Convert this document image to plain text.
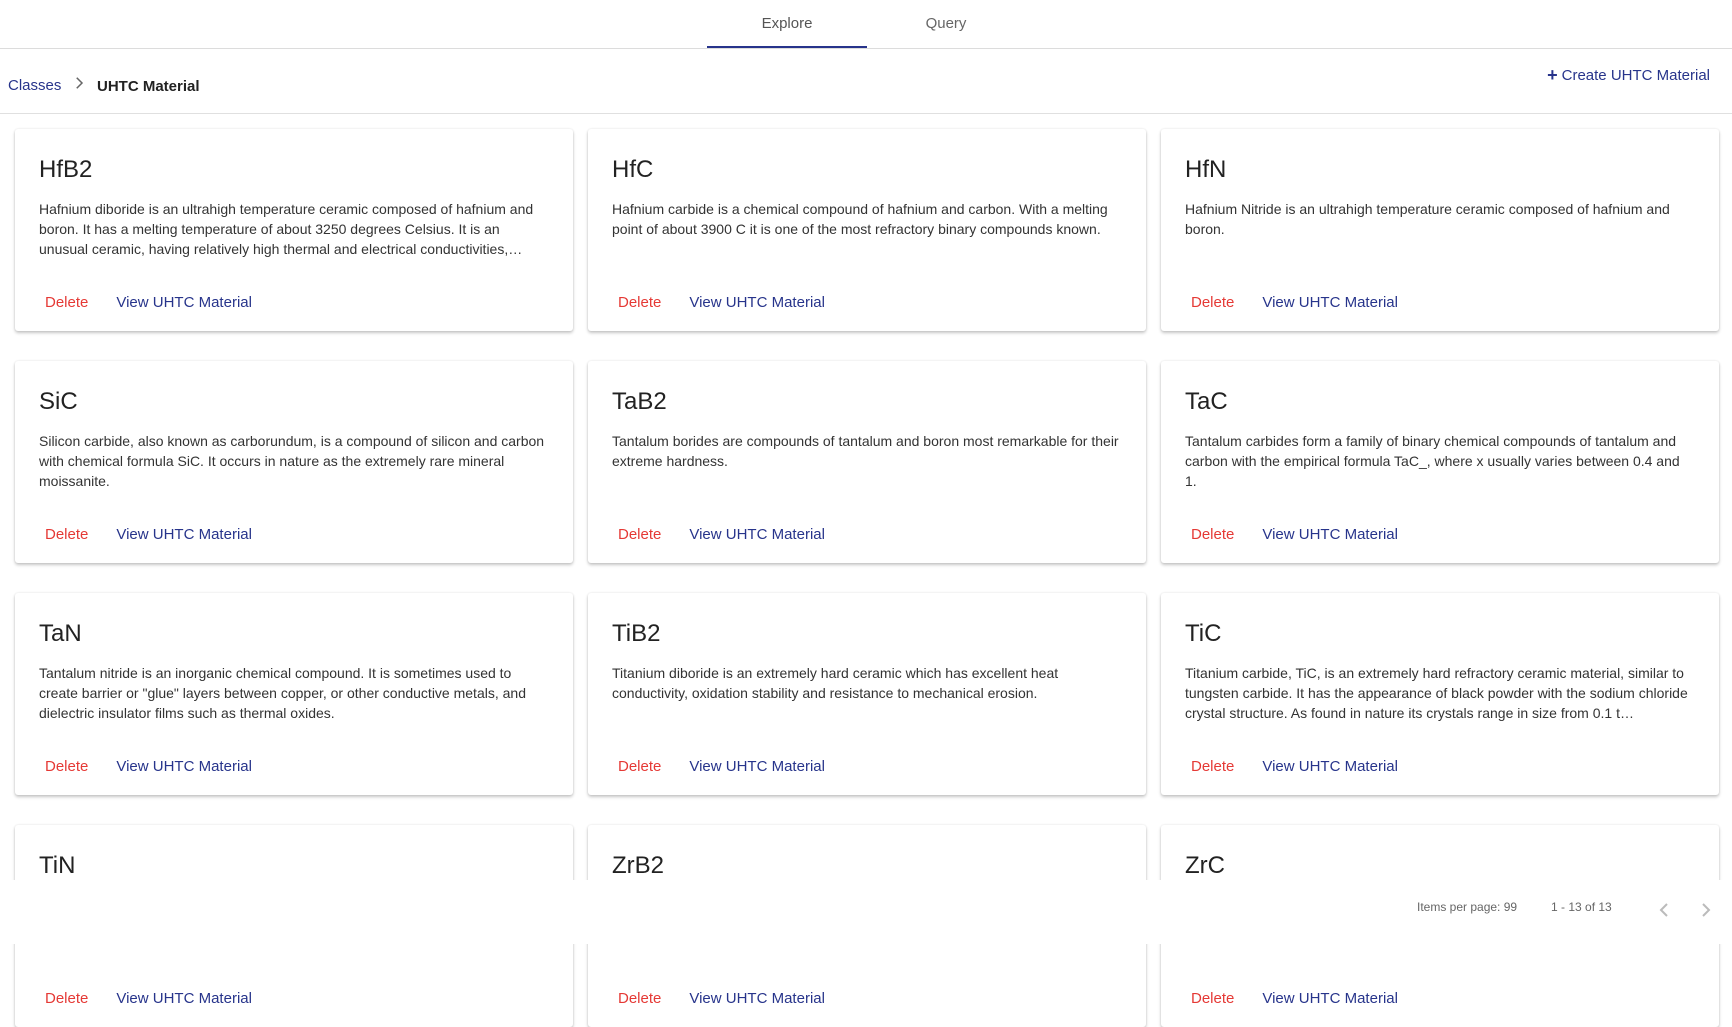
Explore	Query
Classes UHTC Material
+ Create UHTC Material
HfB2
Hafnium diboride is an ultrahigh temperature ceramic composed of hafnium and boron. It has a melting temperature of about 3250 degrees Celsius. It is an unusual ceramic, having relatively high thermal and electrical conductivities,…
Delete	View UHTC Material
HfC
Hafnium carbide is a chemical compound of hafnium and carbon. With a melting point of about 3900 C it is one of the most refractory binary compounds known.
Delete	View UHTC Material
HfN
Hafnium Nitride is an ultrahigh temperature ceramic composed of hafnium and boron.
Delete	View UHTC Material
SiC
Silicon carbide, also known as carborundum, is a compound of silicon and carbon with chemical formula SiC. It occurs in nature as the extremely rare mineral moissanite.
Delete	View UHTC Material
TaB2
Tantalum borides are compounds of tantalum and boron most remarkable for their extreme hardness.
Delete	View UHTC Material
TaC
Tantalum carbides form a family of binary chemical compounds of tantalum and carbon with the empirical formula TaC_, where x usually varies between 0.4 and 1.
Delete	View UHTC Material
TaN
Tantalum nitride is an inorganic chemical compound. It is sometimes used to create barrier or "glue" layers between copper, or other conductive metals, and dielectric insulator films such as thermal oxides.
Delete	View UHTC Material
TiB2
Titanium diboride is an extremely hard ceramic which has excellent heat conductivity, oxidation stability and resistance to mechanical erosion.
Delete	View UHTC Material
TiC
Titanium carbide, TiC, is an extremely hard refractory ceramic material, similar to tungsten carbide. It has the appearance of black powder with the sodium chloride crystal structure. As found in nature its crystals range in size from 0.1 t…
Delete	View UHTC Material
TiN
Delete	View UHTC Material
ZrB2
Delete	View UHTC Material
ZrC
Delete	View UHTC Material
Items per page: 99	1 - 13 of 13
